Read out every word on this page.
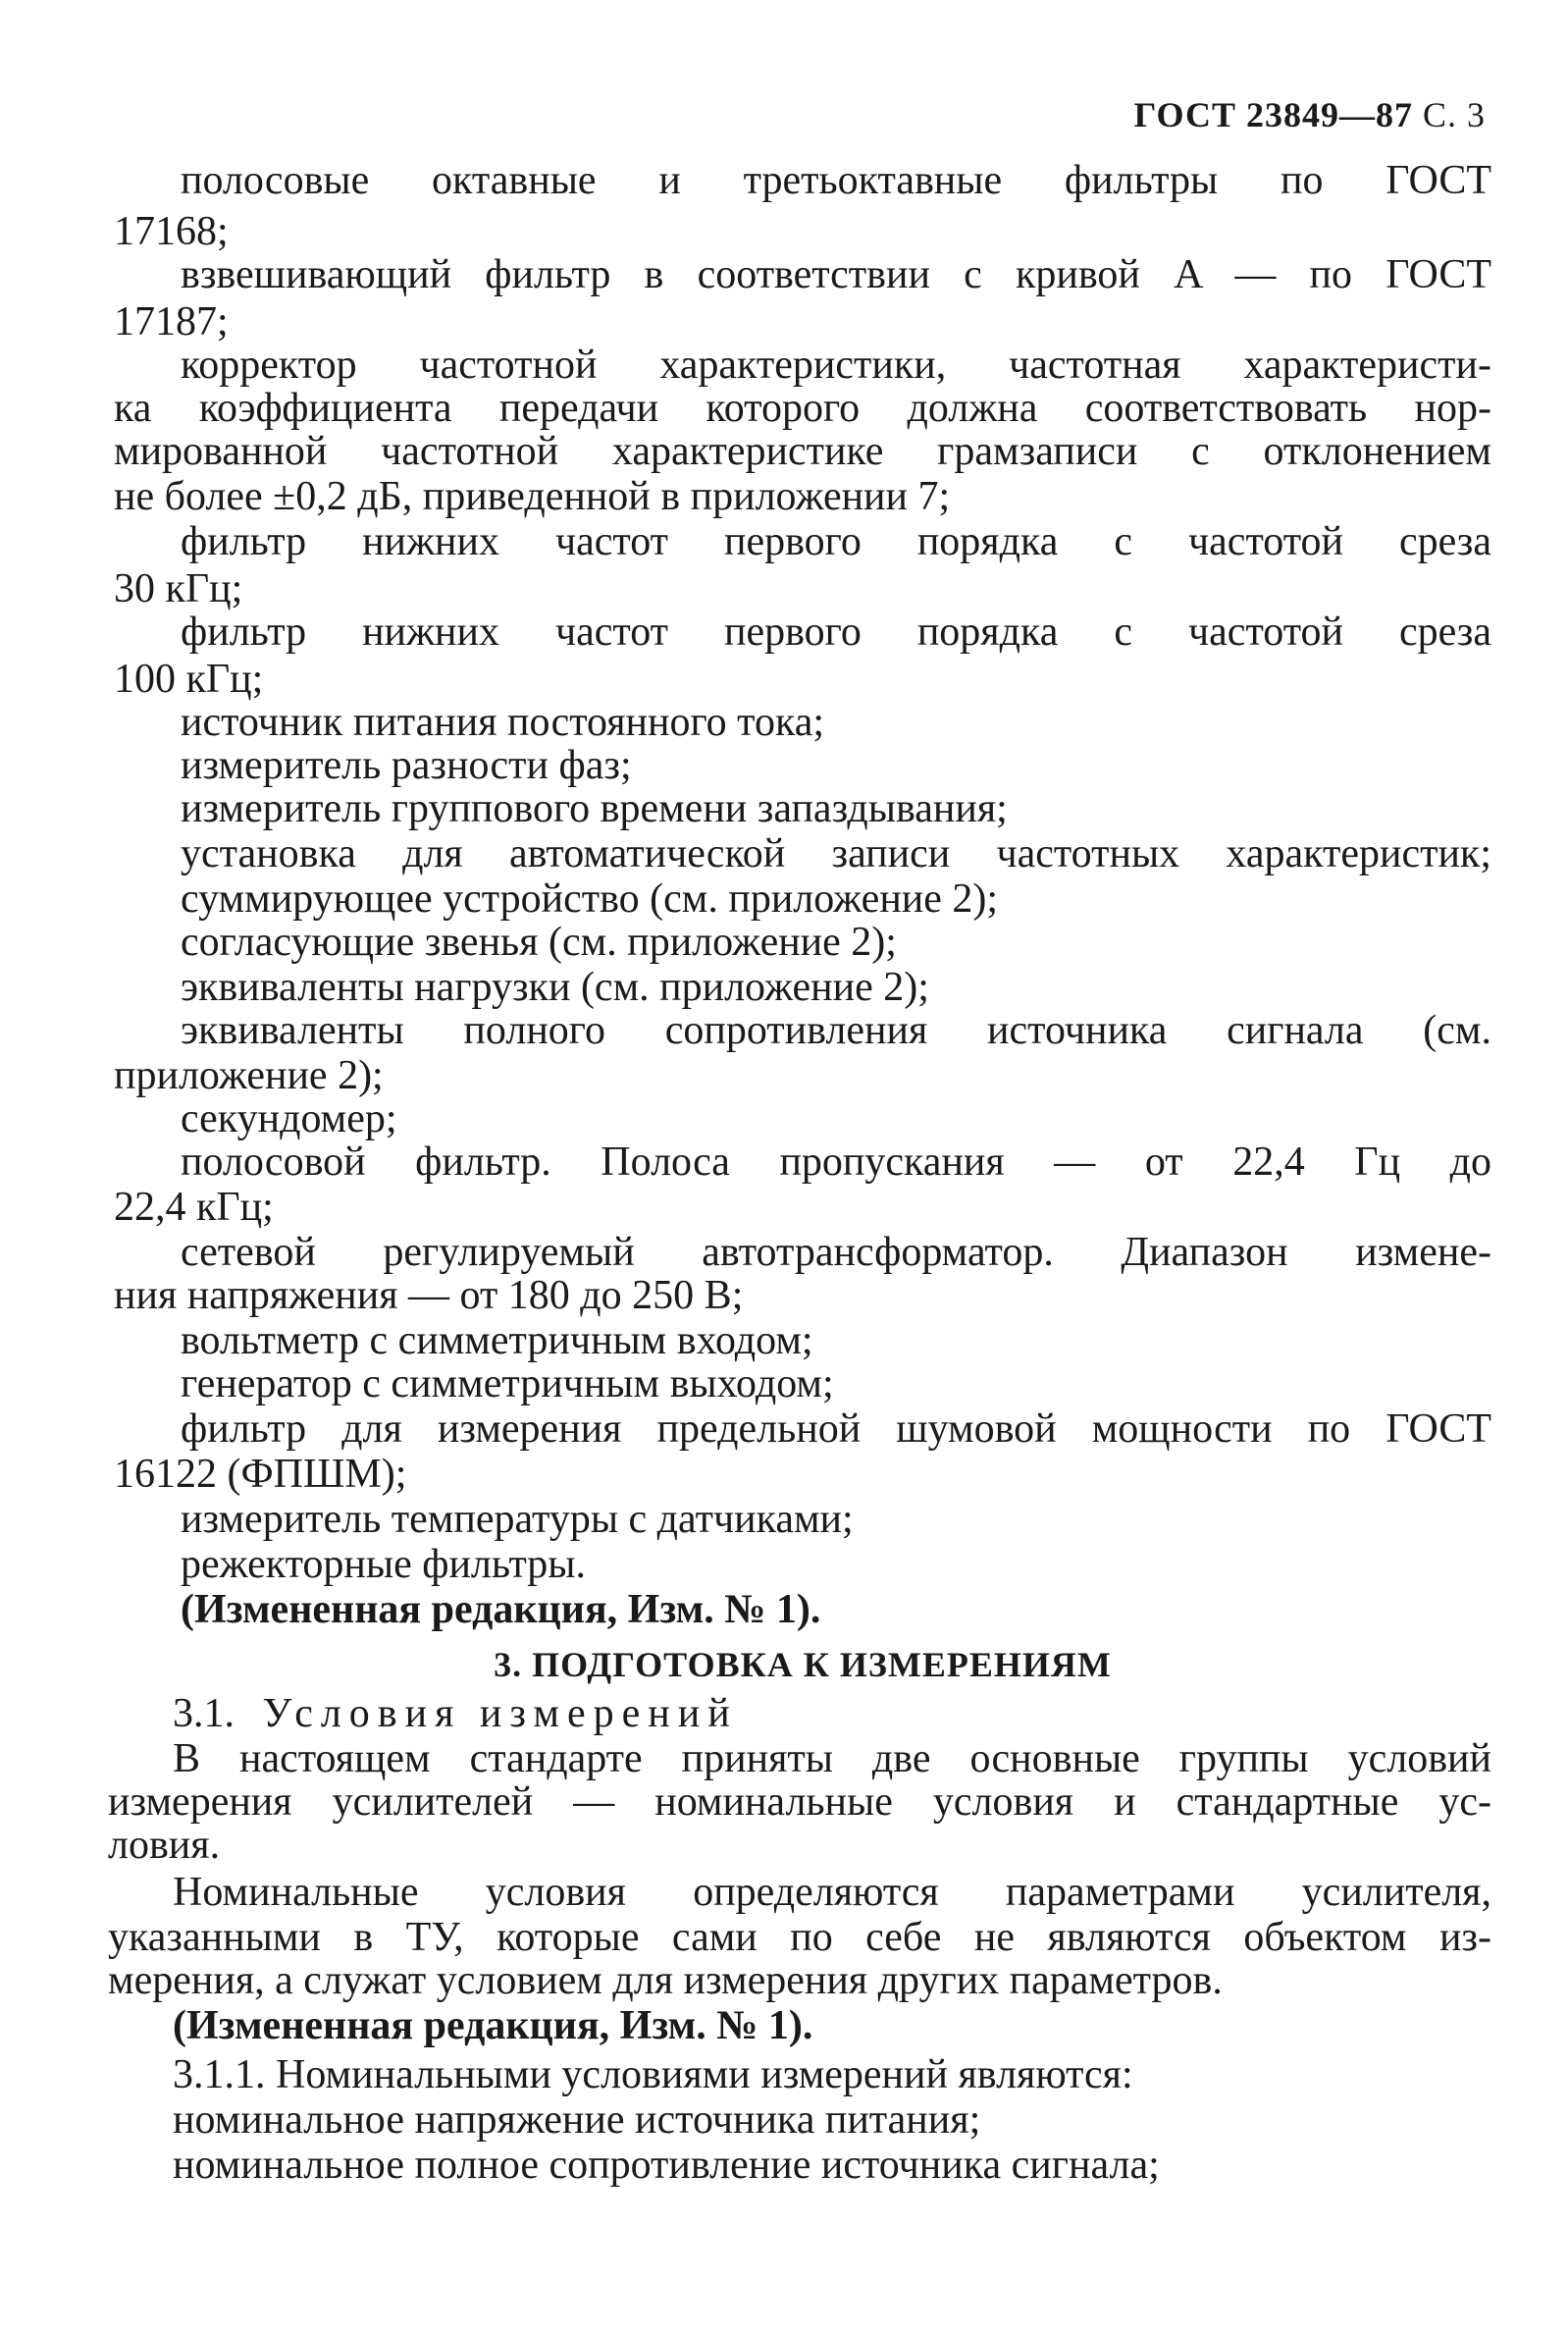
ГОСТ 23849—87 С. 3
полосовые октавные и третьоктавные фильтры по ГОСТ
17168;
взвешивающий фильтр в соответствии с кривой A — по ГОСТ
17187;
корректор частотной характеристики, частотная характеристи-
ка коэффициента передачи которого должна соответствовать нор-
мированной частотной характеристике грамзаписи с отклонением
не более ±0,2 дБ, приведенной в приложении 7;
фильтр нижних частот первого порядка с частотой среза
30 кГц;
фильтр нижних частот первого порядка с частотой среза
100 кГц;
источник питания постоянного тока;
измеритель разности фаз;
измеритель группового времени запаздывания;
установка для автоматической записи частотных характеристик;
суммирующее устройство (см. приложение 2);
согласующие звенья (см. приложение 2);
эквиваленты нагрузки (см. приложение 2);
эквиваленты полного сопротивления источника сигнала (см.
приложение 2);
секундомер;
полосовой фильтр. Полоса пропускания — от 22,4 Гц до
22,4 кГц;
сетевой регулируемый автотрансформатор. Диапазон измене-
ния напряжения — от 180 до 250 В;
вольтметр с симметричным входом;
генератор с симметричным выходом;
фильтр для измерения предельной шумовой мощности по ГОСТ
16122 (ФПШМ);
измеритель температуры с датчиками;
режекторные фильтры.
(Измененная редакция, Изм. № 1).
3. ПОДГОТОВКА К ИЗМЕРЕНИЯМ
3.1. Условия измерений
В настоящем стандарте приняты две основные группы условий
измерения усилителей — номинальные условия и стандартные ус-
ловия.
Номинальные условия определяются параметрами усилителя,
указанными в ТУ, которые сами по себе не являются объектом из-
мерения, а служат условием для измерения других параметров.
(Измененная редакция, Изм. № 1).
3.1.1. Номинальными условиями измерений являются:
номинальное напряжение источника питания;
номинальное полное сопротивление источника сигнала;
